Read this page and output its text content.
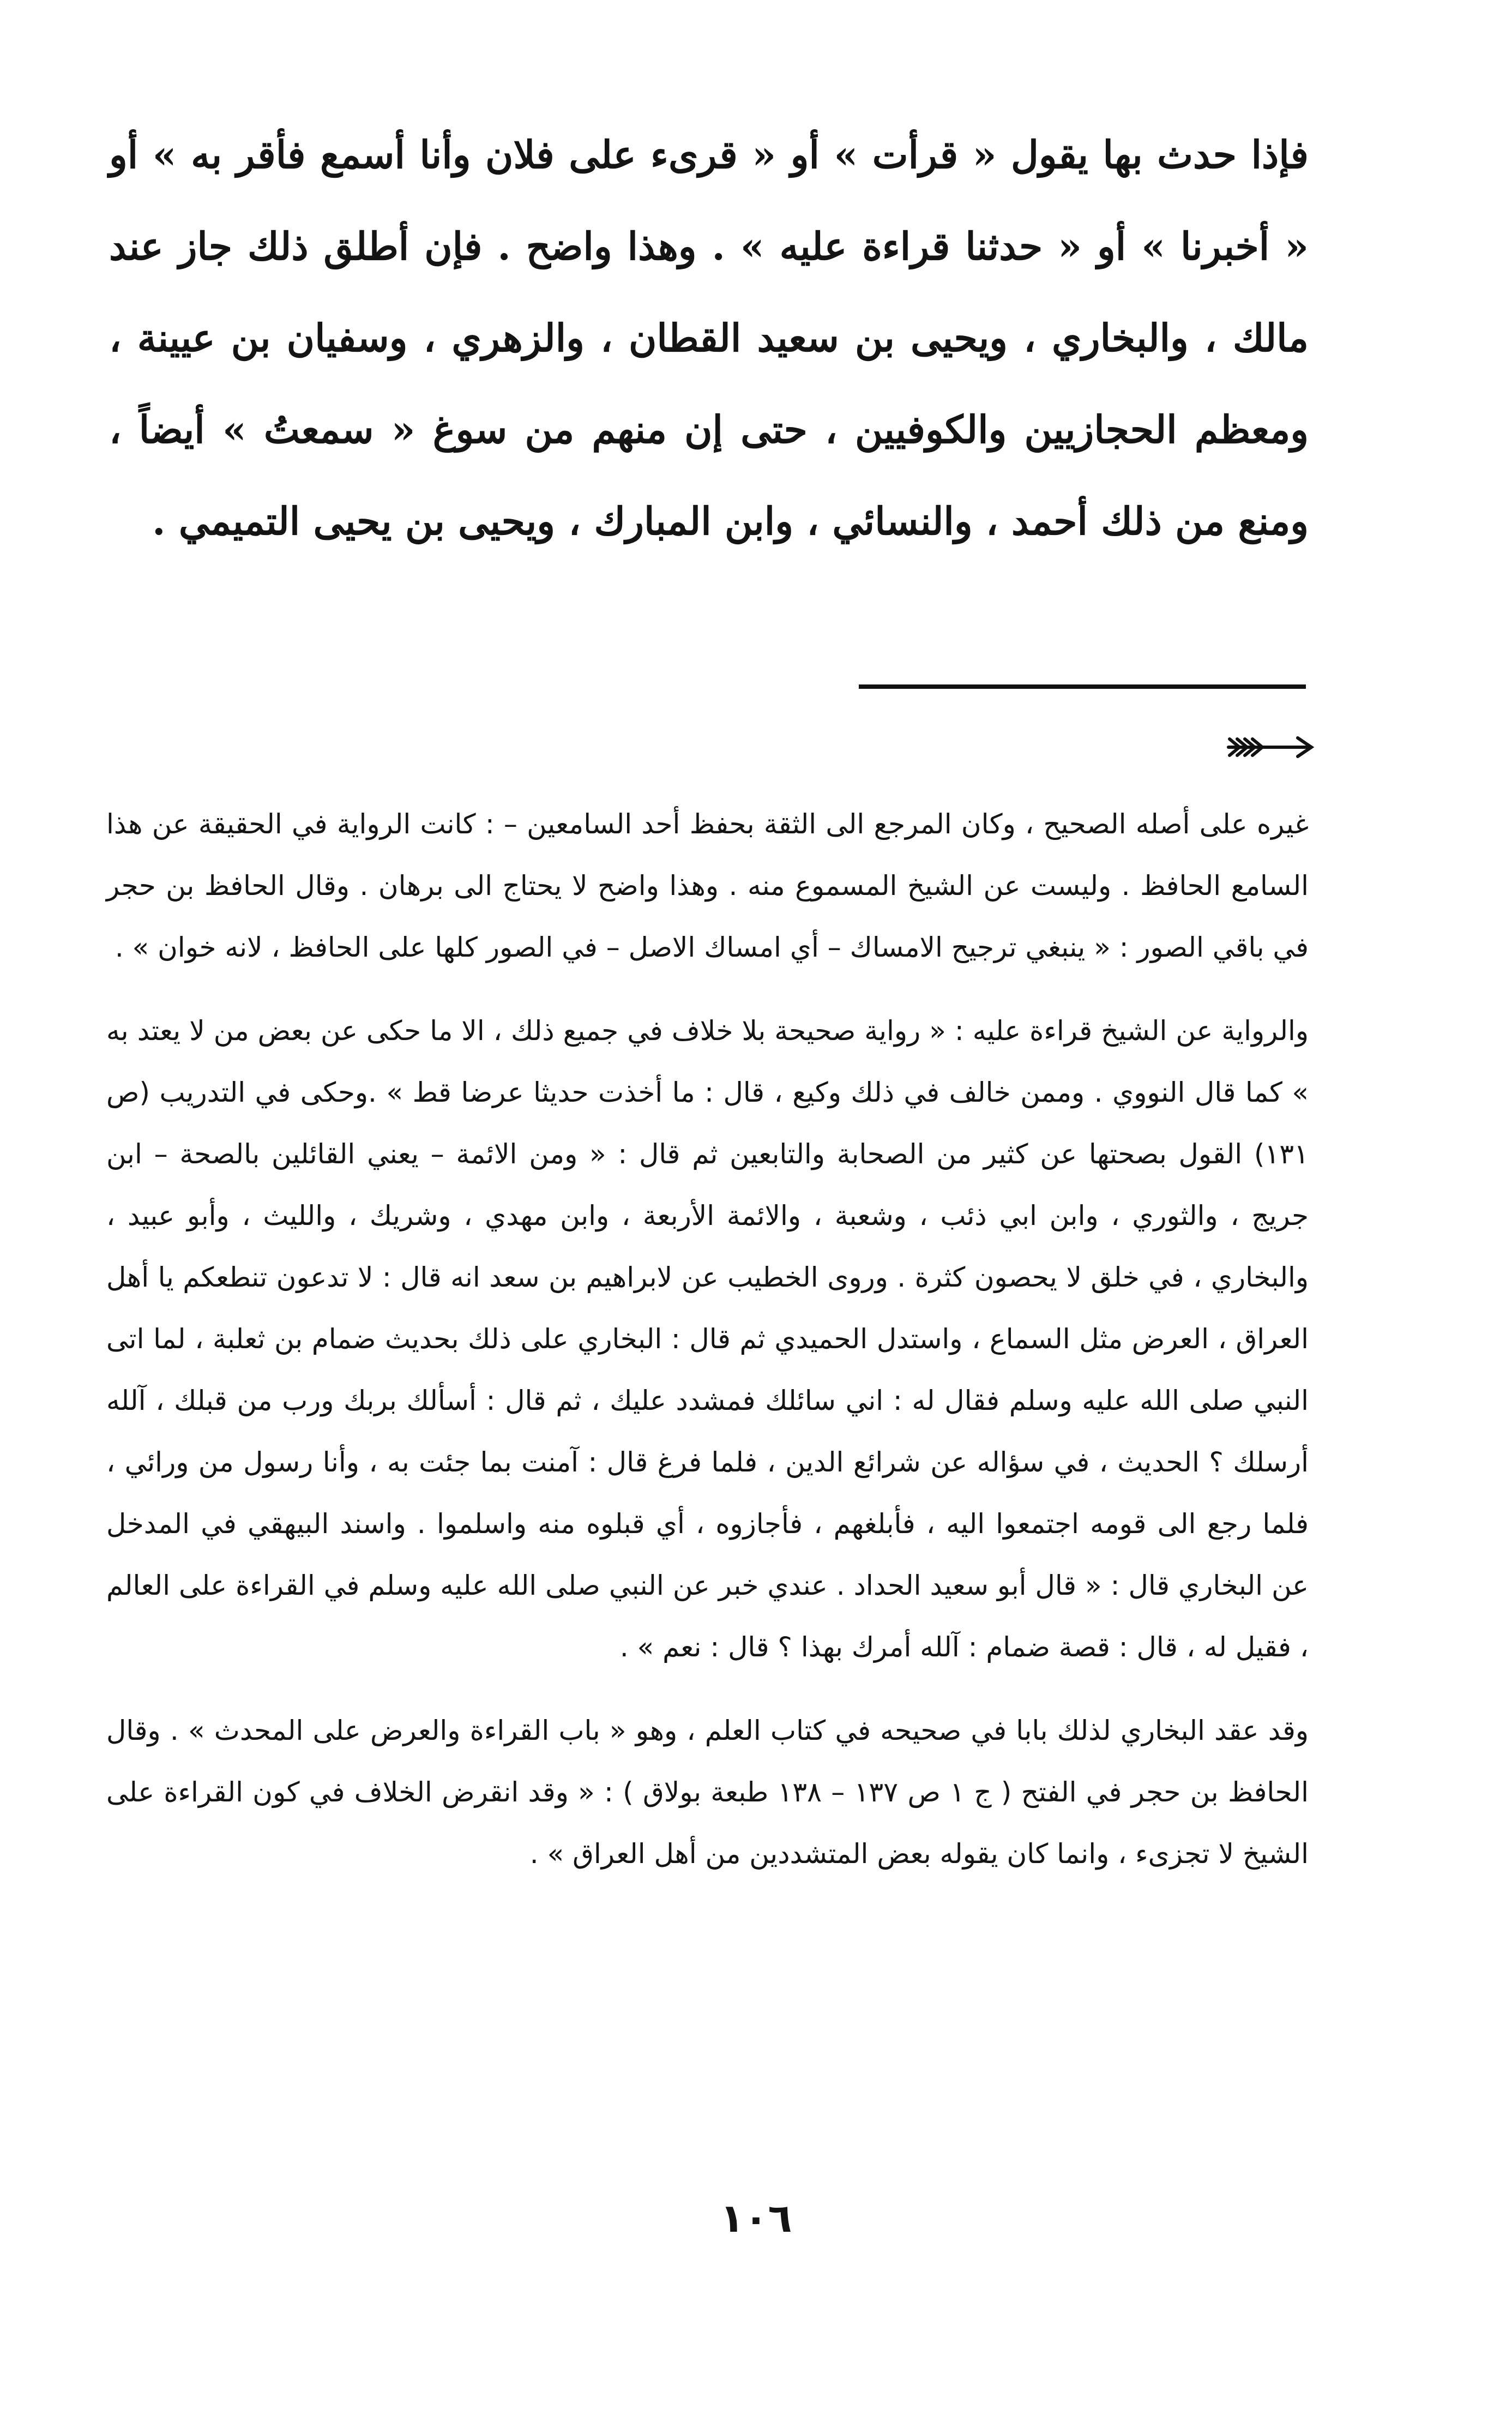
فإذا حدث بها يقول « قرأت » أو « قرىء على فلان وأنا أسمع فأقر به » أو « أخبرنا » أو « حدثنا قراءة عليه » . وهذا واضح . فإن أطلق ذلك جاز عند مالك ، والبخاري ، ويحيى بن سعيد القطان ، والزهري ، وسفيان بن عيينة ، ومعظم الحجازيين والكوفيين ، حتى إن منهم من سوغ « سمعتُ » أيضاً ، ومنع من ذلك أحمد ، والنسائي ، وابن المبارك ، ويحيى بن يحيى التميمي .

غيره على أصله الصحيح ، وكان المرجع الى الثقة بحفظ أحد السامعين – : كانت الرواية في الحقيقة عن هذا السامع الحافظ . وليست عن الشيخ المسموع منه . وهذا واضح لا يحتاج الى برهان . وقال الحافظ بن حجر في باقي الصور : « ينبغي ترجيح الامساك – أي امساك الاصل – في الصور كلها على الحافظ ، لانه خوان » .

والرواية عن الشيخ قراءة عليه : « رواية صحيحة بلا خلاف في جميع ذلك ، الا ما حكى عن بعض من لا يعتد به » كما قال النووي . وممن خالف في ذلك وكيع ، قال : ما أخذت حديثا عرضا قط » .وحكى في التدريب (ص ١٣١) القول بصحتها عن كثير من الصحابة والتابعين ثم قال : « ومن الائمة – يعني القائلين بالصحة – ابن جريج ، والثوري ، وابن ابي ذئب ، وشعبة ، والائمة الأربعة ، وابن مهدي ، وشريك ، والليث ، وأبو عبيد ، والبخاري ، في خلق لا يحصون كثرة . وروى الخطيب عن لابراهيم بن سعد انه قال : لا تدعون تنطعكم يا أهل العراق ، العرض مثل السماع ، واستدل الحميدي ثم قال : البخاري على ذلك بحديث ضمام بن ثعلبة ، لما اتى النبي صلى الله عليه وسلم فقال له : اني سائلك فمشدد عليك ، ثم قال : أسألك بربك ورب من قبلك ، آلله أرسلك ؟ الحديث ، في سؤاله عن شرائع الدين ، فلما فرغ قال : آمنت بما جئت به ، وأنا رسول من ورائي ، فلما رجع الى قومه اجتمعوا اليه ، فأبلغهم ، فأجازوه ، أي قبلوه منه واسلموا . واسند البيهقي في المدخل عن البخاري قال : « قال أبو سعيد الحداد . عندي خبر عن النبي صلى الله عليه وسلم في القراءة على العالم ، فقيل له ، قال : قصة ضمام : آلله أمرك بهذا ؟ قال : نعم » .

وقد عقد البخاري لذلك بابا في صحيحه في كتاب العلم ، وهو « باب القراءة والعرض على المحدث » . وقال الحافظ بن حجر في الفتح ( ج ١ ص ١٣٧ – ١٣٨ طبعة بولاق ) : « وقد انقرض الخلاف في كون القراءة على الشيخ لا تجزىء ، وانما كان يقوله بعض المتشددين من أهل العراق » .

١٠٦
